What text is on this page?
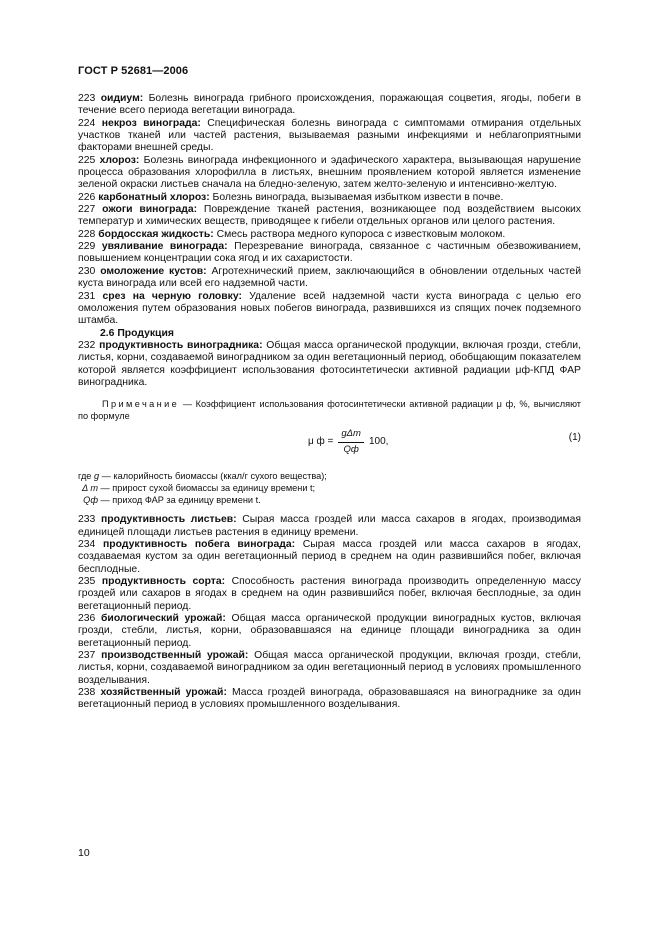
ГОСТ Р 52681—2006

223 оидиум: Болезнь винограда грибного происхождения, поражающая соцветия, ягоды, побеги в течение всего периода вегетации винограда.

224 некроз винограда: Специфическая болезнь винограда с симптомами отмирания отдельных участков тканей или частей растения, вызываемая разными инфекциями и неблагоприятными факторами внешней среды.

225 хлороз: Болезнь винограда инфекционного и эдафического характера, вызывающая нарушение процесса образования хлорофилла в листьях, внешним проявлением которой является изменение зеленой окраски листьев сначала на бледно-зеленую, затем желто-зеленую и интенсивно-желтую.

226 карбонатный хлороз: Болезнь винограда, вызываемая избытком извести в почве.

227 ожоги винограда: Повреждение тканей растения, возникающее под воздействием высоких температур и химических веществ, приводящее к гибели отдельных органов или целого растения.

228 бордосская жидкость: Смесь раствора медного купороса с известковым молоком.

229 увяливание винограда: Перезревание винограда, связанное с частичным обезвоживанием, повышением концентрации сока ягод и их сахаристости.

230 омоложение кустов: Агротехнический прием, заключающийся в обновлении отдельных частей куста винограда или всей его надземной части.

231 срез на черную головку: Удаление всей надземной части куста винограда с целью его омоложения путем образования новых побегов винограда, развившихся из спящих почек подземного штамба.

2.6 Продукция

232 продуктивность виноградника: Общая масса органической продукции, включая грозди, стебли, листья, корни, создаваемой виноградником за один вегетационный период, обобщающим показателем которой является коэффициент использования фотосинтетически активной радиации μф-КПД ФАР виноградника.

Примечание — Коэффициент использования фотосинтетически активной радиации μ ф, %, вычисляют по формуле
μ $ф = \frac{\text{gΔm}}{Qф} 100$,	(1)
где g — калорийность биомассы (ккал/г сухого вещества);
Δ m — прирост сухой биомассы за единицу времени t;
Qф — приход ФАР за единицу времени t.

233 продуктивность листьев: Сырая масса гроздей или масса сахаров в ягодах, производимая единицей площади листьев растения в единицу времени.

234 продуктивность побега винограда: Сырая масса гроздей или масса сахаров в ягодах, создаваемая кустом за один вегетационный период в среднем на один развившийся побег, включая бесплодные.

235 продуктивность сорта: Способность растения винограда производить определенную массу гроздей или сахаров в ягодах в среднем на один развившийся побег, включая бесплодные, за один вегетационный период.

236 биологический урожай: Общая масса органической продукции виноградных кустов, включая грозди, стебли, листья, корни, образовавшаяся на единице площади виноградника за один вегетационный период.

237 производственный урожай: Общая масса органической продукции, включая грозди, стебли, листья, корни, создаваемой виноградником за один вегетационный период в условиях промышленного возделывания.

238 хозяйственный урожай: Масса гроздей винограда, образовавшаяся на винограднике за один вегетационный период в условиях промышленного возделывания.

10
